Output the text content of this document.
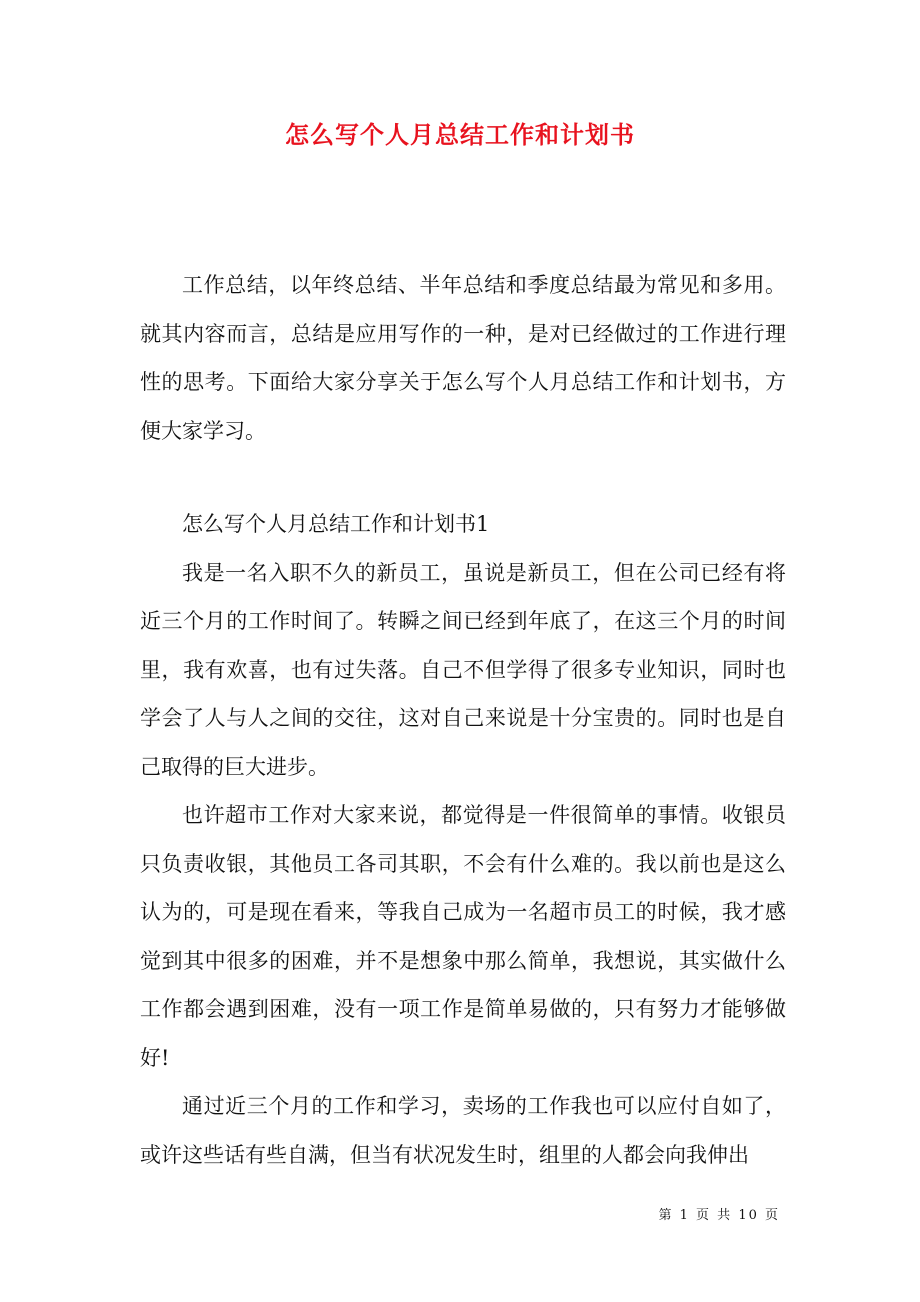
怎么写个人月总结工作和计划书

工作总结，以年终总结、半年总结和季度总结最为常见和多用。就其内容而言，总结是应用写作的一种，是对已经做过的工作进行理性的思考。下面给大家分享关于怎么写个人月总结工作和计划书，方便大家学习。

怎么写个人月总结工作和计划书1

我是一名入职不久的新员工，虽说是新员工，但在公司已经有将近三个月的工作时间了。转瞬之间已经到年底了，在这三个月的时间里，我有欢喜，也有过失落。自己不但学得了很多专业知识，同时也学会了人与人之间的交往，这对自己来说是十分宝贵的。同时也是自己取得的巨大进步。

也许超市工作对大家来说，都觉得是一件很简单的事情。收银员只负责收银，其他员工各司其职，不会有什么难的。我以前也是这么认为的，可是现在看来，等我自己成为一名超市员工的时候，我才感觉到其中很多的困难，并不是想象中那么简单，我想说，其实做什么工作都会遇到困难，没有一项工作是简单易做的，只有努力才能够做好!

通过近三个月的工作和学习，卖场的工作我也可以应付自如了，或许这些话有些自满，但当有状况发生时，组里的人都会向我伸出

第 1 页 共 10 页
